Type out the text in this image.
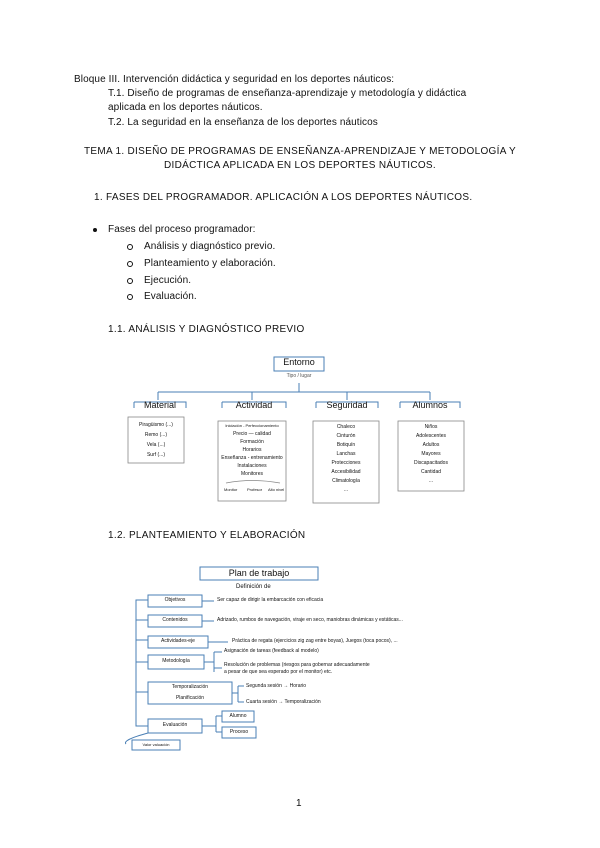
Bloque III. Intervención didáctica y seguridad en los deportes náuticos:
T.1. Diseño de programas de enseñanza-aprendizaje y metodología y didáctica
aplicada en los deportes náuticos.
T.2. La seguridad en la enseñanza de los deportes náuticos
TEMA 1. DISEÑO DE PROGRAMAS DE ENSEÑANZA-APRENDIZAJE Y METODOLOGÍA Y
DIDÁCTICA APLICADA EN LOS DEPORTES NÁUTICOS.
1. FASES DEL PROGRAMADOR. APLICACIÓN A LOS DEPORTES NÁUTICOS.
Fases del proceso programador:
Análisis y diagnóstico previo.
Planteamiento y elaboración.
Ejecución.
Evaluación.
1.1. ANÁLISIS Y DIAGNÓSTICO PREVIO
Entorno
Tipo / lugar
Material	Actividad	Seguridad	Alumnos
Piragüismo (...)
Remo (...)
Vela (...)
Surf (...)
Iniciación - Perfeccionamiento
Precio — calidad
Formación
Horarios
Enseñanza - entrenamiento
Instalaciones
Monitores
Monitor Profesor Alto nivel
Chaleco
Cinturón
Botiquín
Lanchas
Protecciones
Accesibilidad
Climatología
...
Niños
Adolescentes
Adultos
Mayores
Discapacitados
Cantidad
...
1.2. PLANTEAMIENTO Y ELABORACIÓN
Plan de trabajo
Definición de
Objetivos	Ser capaz de dirigir la embarcación con eficacia
Contenidos	Adrizado, rumbos de navegación, viraje en seco, maniobras dinámicas y estáticas...
Actividades-eje	Práctica de regata (ejercicios zig zag entre boyas), Juegos (toca pocos), ...
Metodología
Asignación de tareas (feedback al modelo)
Resolución de problemas (riesgos para gobernar adecuadamente
a pesar de que sea esperado por el monitor) etc.
Temporalización
Planificación
Segunda sesión → Horario
Cuarta sesión → Temporalización
Evaluación
Alumno
Proceso
Valor valuación
1
